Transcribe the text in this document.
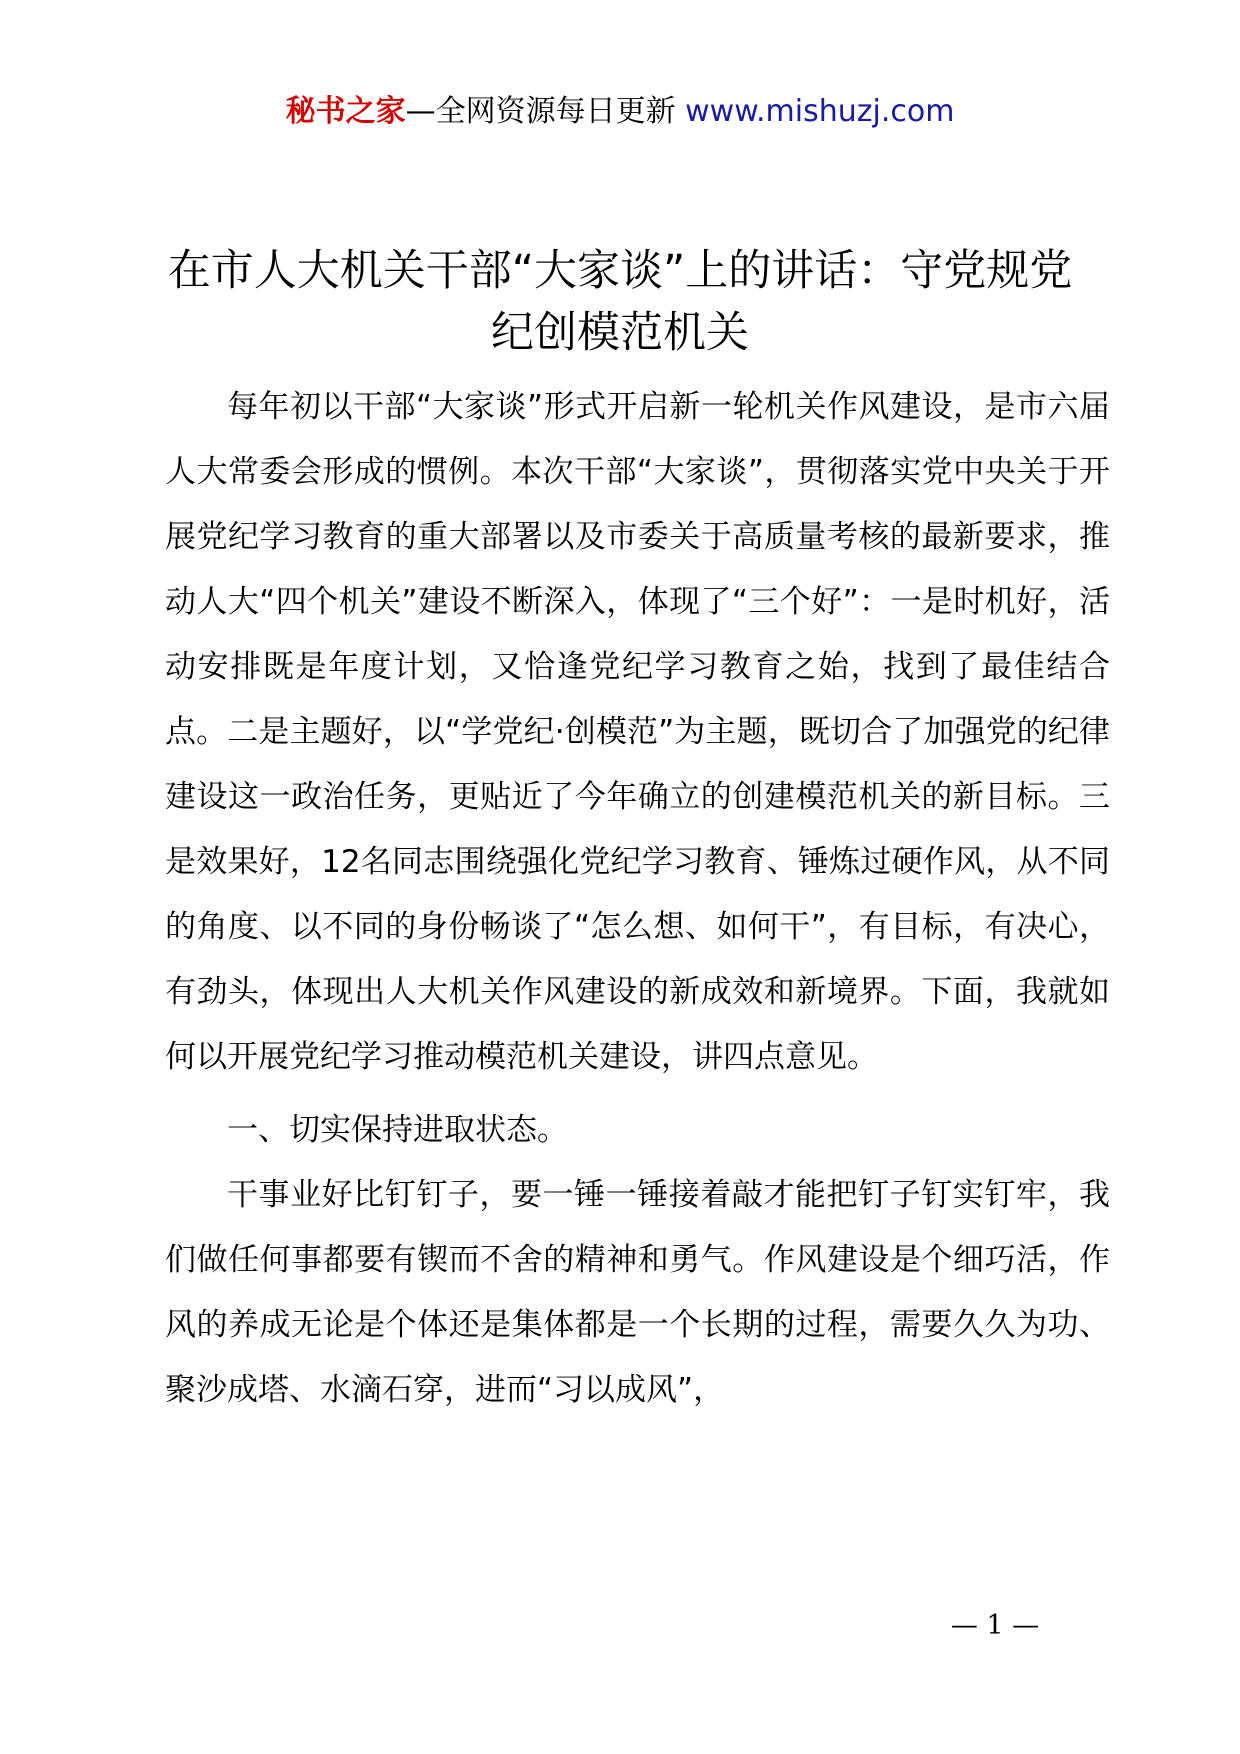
秘书之家—全网资源每日更新 www.mishuzj.com
在市人大机关干部“大家谈”上的讲话：守党规党纪创模范机关

每年初以干部“大家谈”形式开启新一轮机关作风建设，是市六届人大常委会形成的惯例。本次干部“大家谈”，贯彻落实党中央关于开展党纪学习教育的重大部署以及市委关于高质量考核的最新要求，推动人大“四个机关”建设不断深入，体现了“三个好”：一是时机好，活动安排既是年度计划，又恰逢党纪学习教育之始，找到了最佳结合点。二是主题好，以“学党纪·创模范”为主题，既切合了加强党的纪律建设这一政治任务，更贴近了今年确立的创建模范机关的新目标。三是效果好，12名同志围绕强化党纪学习教育、锤炼过硬作风，从不同的角度、以不同的身份畅谈了“怎么想、如何干”，有目标，有决心，有劲头，体现出人大机关作风建设的新成效和新境界。下面，我就如何以开展党纪学习推动模范机关建设，讲四点意见。

一、切实保持进取状态。

干事业好比钉钉子，要一锤一锤接着敲才能把钉子钉实钉牢，我们做任何事都要有锲而不舍的精神和勇气。作风建设是个细巧活，作风的养成无论是个体还是集体都是一个长期的过程，需要久久为功、聚沙成塔、水滴石穿，进而“习以成风”，

— 1 —
